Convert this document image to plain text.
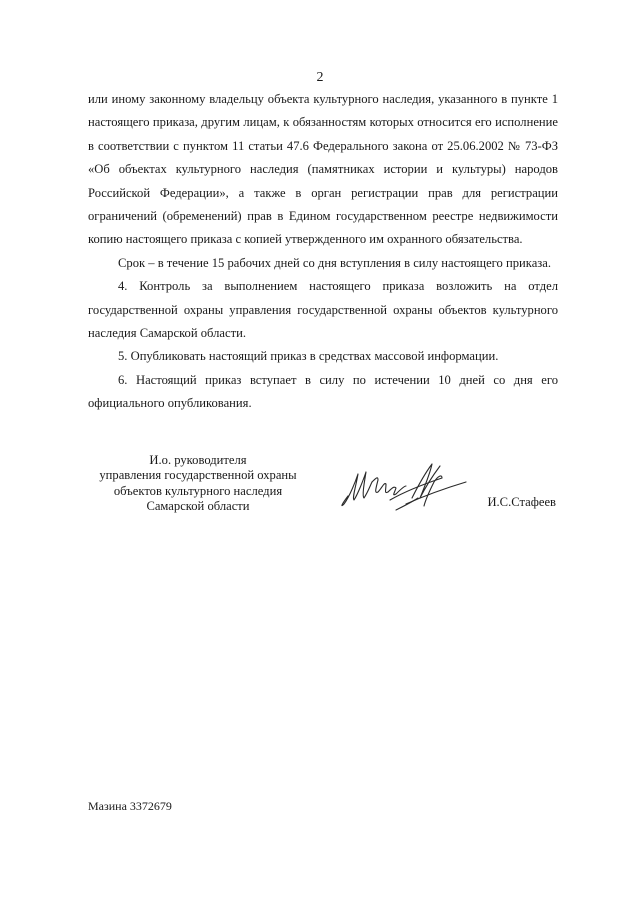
2

или иному законному владельцу объекта культурного наследия, указанного в пункте 1 настоящего приказа, другим лицам, к обязанностям которых относится его исполнение в соответствии с пунктом 11 статьи 47.6 Федерального закона от 25.06.2002 № 73-ФЗ «Об объектах культурного наследия (памятниках истории и культуры) народов Российской Федерации», а также в орган регистрации прав для регистрации ограничений (обременений) прав в Едином государственном реестре недвижимости копию настоящего приказа с копией утвержденного им охранного обязательства.

Срок – в течение 15 рабочих дней со дня вступления в силу настоящего приказа.

4. Контроль за выполнением настоящего приказа возложить на отдел государственной охраны управления государственной охраны объектов культурного наследия Самарской области.

5. Опубликовать настоящий приказ в средствах массовой информации.

6. Настоящий приказ вступает в силу по истечении 10 дней со дня его официального опубликования.

И.о. руководителя
управления государственной охраны
объектов культурного наследия
Самарской области	И.С.Стафеев
Мазина 3372679
